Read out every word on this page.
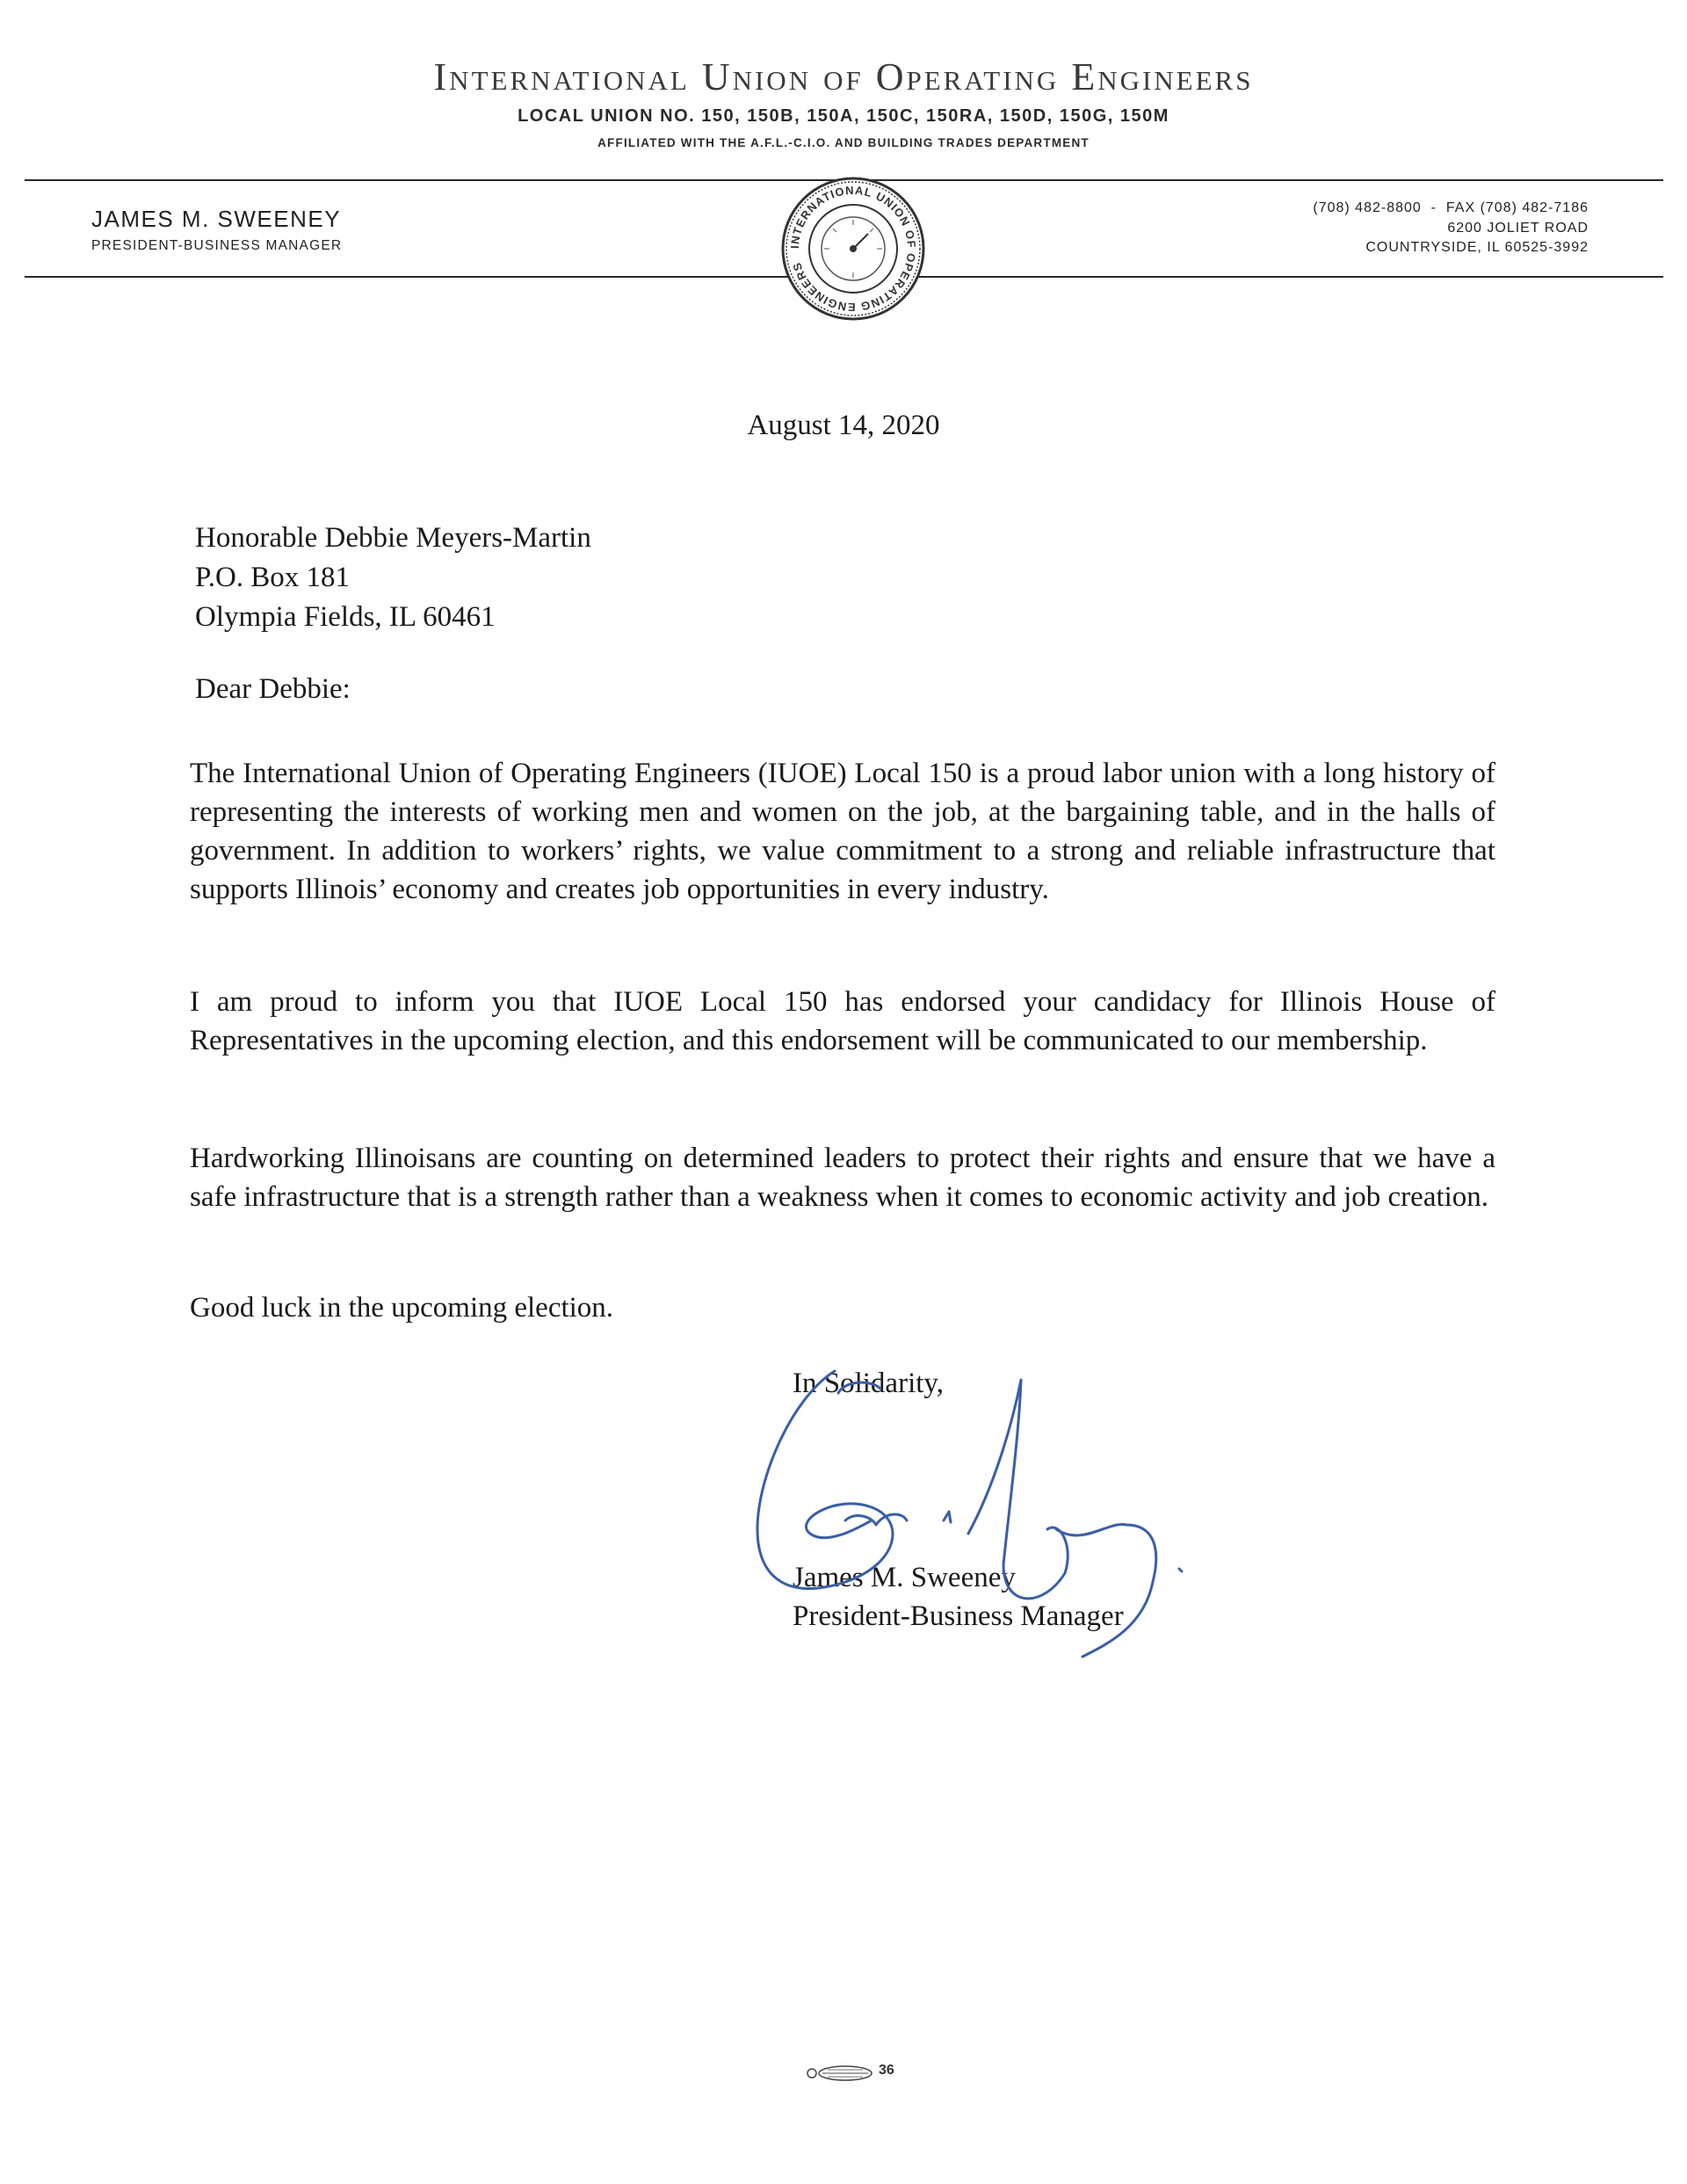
International Union of Operating Engineers
LOCAL UNION NO. 150, 150B, 150A, 150C, 150RA, 150D, 150G, 150M
AFFILIATED WITH THE A.F.L.-C.I.O. AND BUILDING TRADES DEPARTMENT
JAMES M. SWEENEY
PRESIDENT-BUSINESS MANAGER
(708) 482-8800  -  FAX (708) 482-7186
6200 JOLIET ROAD
COUNTRYSIDE, IL 60525-3992
INTERNATIONAL UNION OF OPERATING ENGINEERS
August 14, 2020
Honorable Debbie Meyers-Martin
P.O. Box 181
Olympia Fields, IL 60461
Dear Debbie:
The International Union of Operating Engineers (IUOE) Local 150 is a proud labor union with a long history of representing the interests of working men and women on the job, at the bargaining table, and in the halls of government. In addition to workers’ rights, we value commitment to a strong and reliable infrastructure that supports Illinois’ economy and creates job opportunities in every industry.
I am proud to inform you that IUOE Local 150 has endorsed your candidacy for Illinois House of Representatives in the upcoming election, and this endorsement will be communicated to our membership.
Hardworking Illinoisans are counting on determined leaders to protect their rights and ensure that we have a safe infrastructure that is a strength rather than a weakness when it comes to economic activity and job creation.
Good luck in the upcoming election.
In Solidarity,
James M. Sweeney
President-Business Manager
36
